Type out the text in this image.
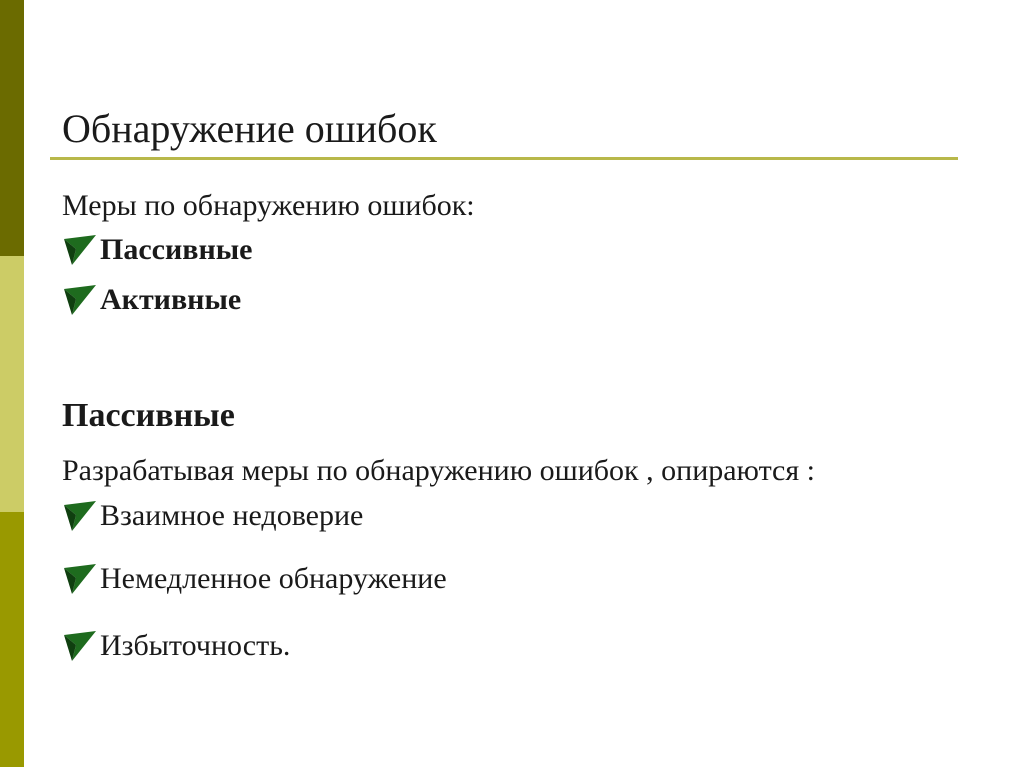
Обнаружение ошибок
Меры по обнаружению ошибок:
Пассивные
Активные
Пассивные
Разрабатывая меры по обнаружению ошибок , опираются :
Взаимное недоверие
Немедленное обнаружение
Избыточность.
